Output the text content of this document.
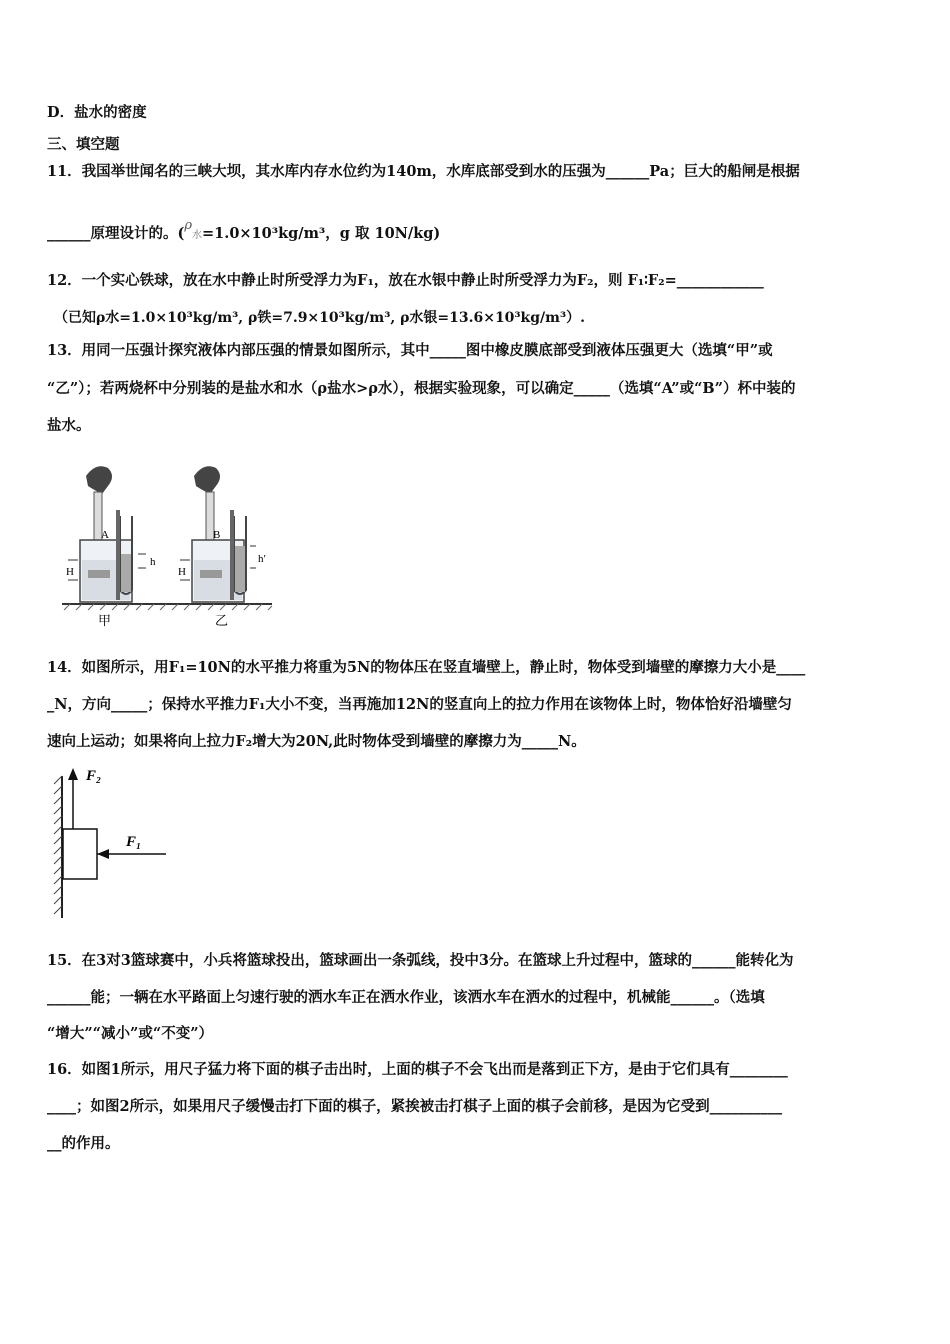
D．盐水的密度
三、填空题
11．我国举世闻名的三峡大坝，其水库内存水位约为140m，水库底部受到水的压强为______Pa；巨大的船闸是根据
______原理设计的。(ρ水=1.0×10³kg/m³，g 取 10N/kg)
12．一个实心铁球，放在水中静止时所受浮力为F₁，放在水银中静止时所受浮力为F₂，则 F₁∶F₂=____________
（已知ρ水=1.0×10³kg/m³, ρ铁=7.9×10³kg/m³, ρ水银=13.6×10³kg/m³）.
13．用同一压强计探究液体内部压强的情景如图所示，其中_____图中橡皮膜底部受到液体压强更大（选填“甲”或
“乙”）；若两烧杯中分别装的是盐水和水（ρ盐水>ρ水），根据实验现象，可以确定_____（选填“A”或“B”）杯中装的
盐水。
A
H
h
甲
B
H
h′
乙
14．如图所示，用F₁=10N的水平推力将重为5N的物体压在竖直墙壁上，静止时，物体受到墙壁的摩擦力大小是____
_N，方向_____；保持水平推力F₁大小不变，当再施加12N的竖直向上的拉力作用在该物体上时，物体恰好沿墙壁匀
速向上运动；如果将向上拉力F₂增大为20N,此时物体受到墙壁的摩擦力为_____N。
F₂
F₁
15．在3对3篮球赛中，小兵将篮球投出，篮球画出一条弧线，投中3分。在篮球上升过程中，篮球的______能转化为
______能；一辆在水平路面上匀速行驶的洒水车正在洒水作业，该洒水车在洒水的过程中，机械能______。（选填
“增大”“减小”或“不变”）
16．如图1所示，用尺子猛力将下面的棋子击出时，上面的棋子不会飞出而是落到正下方，是由于它们具有________
____；如图2所示，如果用尺子缓慢击打下面的棋子，紧挨被击打棋子上面的棋子会前移，是因为它受到__________
__的作用。
